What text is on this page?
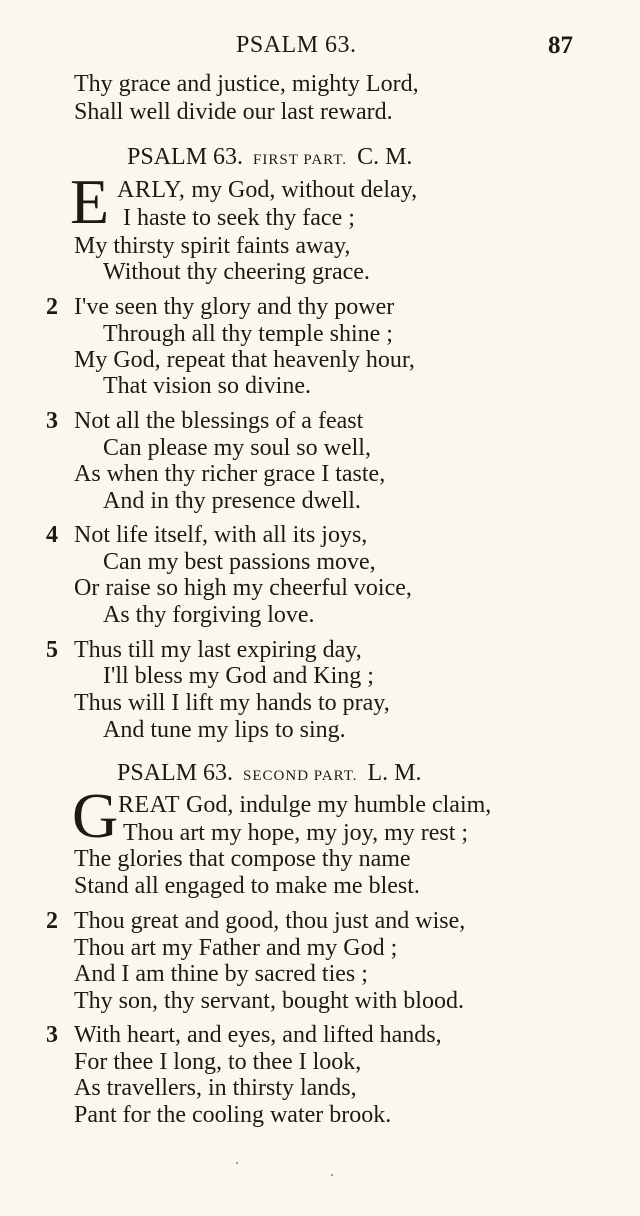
PSALM 63.	87
Thy grace and justice, mighty Lord,
Shall well divide our last reward.
PSALM 63. FIRST PART. C. M.
E ARLY, my God, without delay,
I haste to seek thy face ;
My thirsty spirit faints away,
Without thy cheering grace.
2 I've seen thy glory and thy power
Through all thy temple shine ;
My God, repeat that heavenly hour,
That vision so divine.
3 Not all the blessings of a feast
Can please my soul so well,
As when thy richer grace I taste,
And in thy presence dwell.
4 Not life itself, with all its joys,
Can my best passions move,
Or raise so high my cheerful voice,
As thy forgiving love.
5 Thus till my last expiring day,
I'll bless my God and King ;
Thus will I lift my hands to pray,
And tune my lips to sing.
PSALM 63. SECOND PART. L. M.
G REAT God, indulge my humble claim,
Thou art my hope, my joy, my rest ;
The glories that compose thy name
Stand all engaged to make me blest.
2 Thou great and good, thou just and wise,
Thou art my Father and my God ;
And I am thine by sacred ties ;
Thy son, thy servant, bought with blood.
3 With heart, and eyes, and lifted hands,
For thee I long, to thee I look,
As travellers, in thirsty lands,
Pant for the cooling water brook.
